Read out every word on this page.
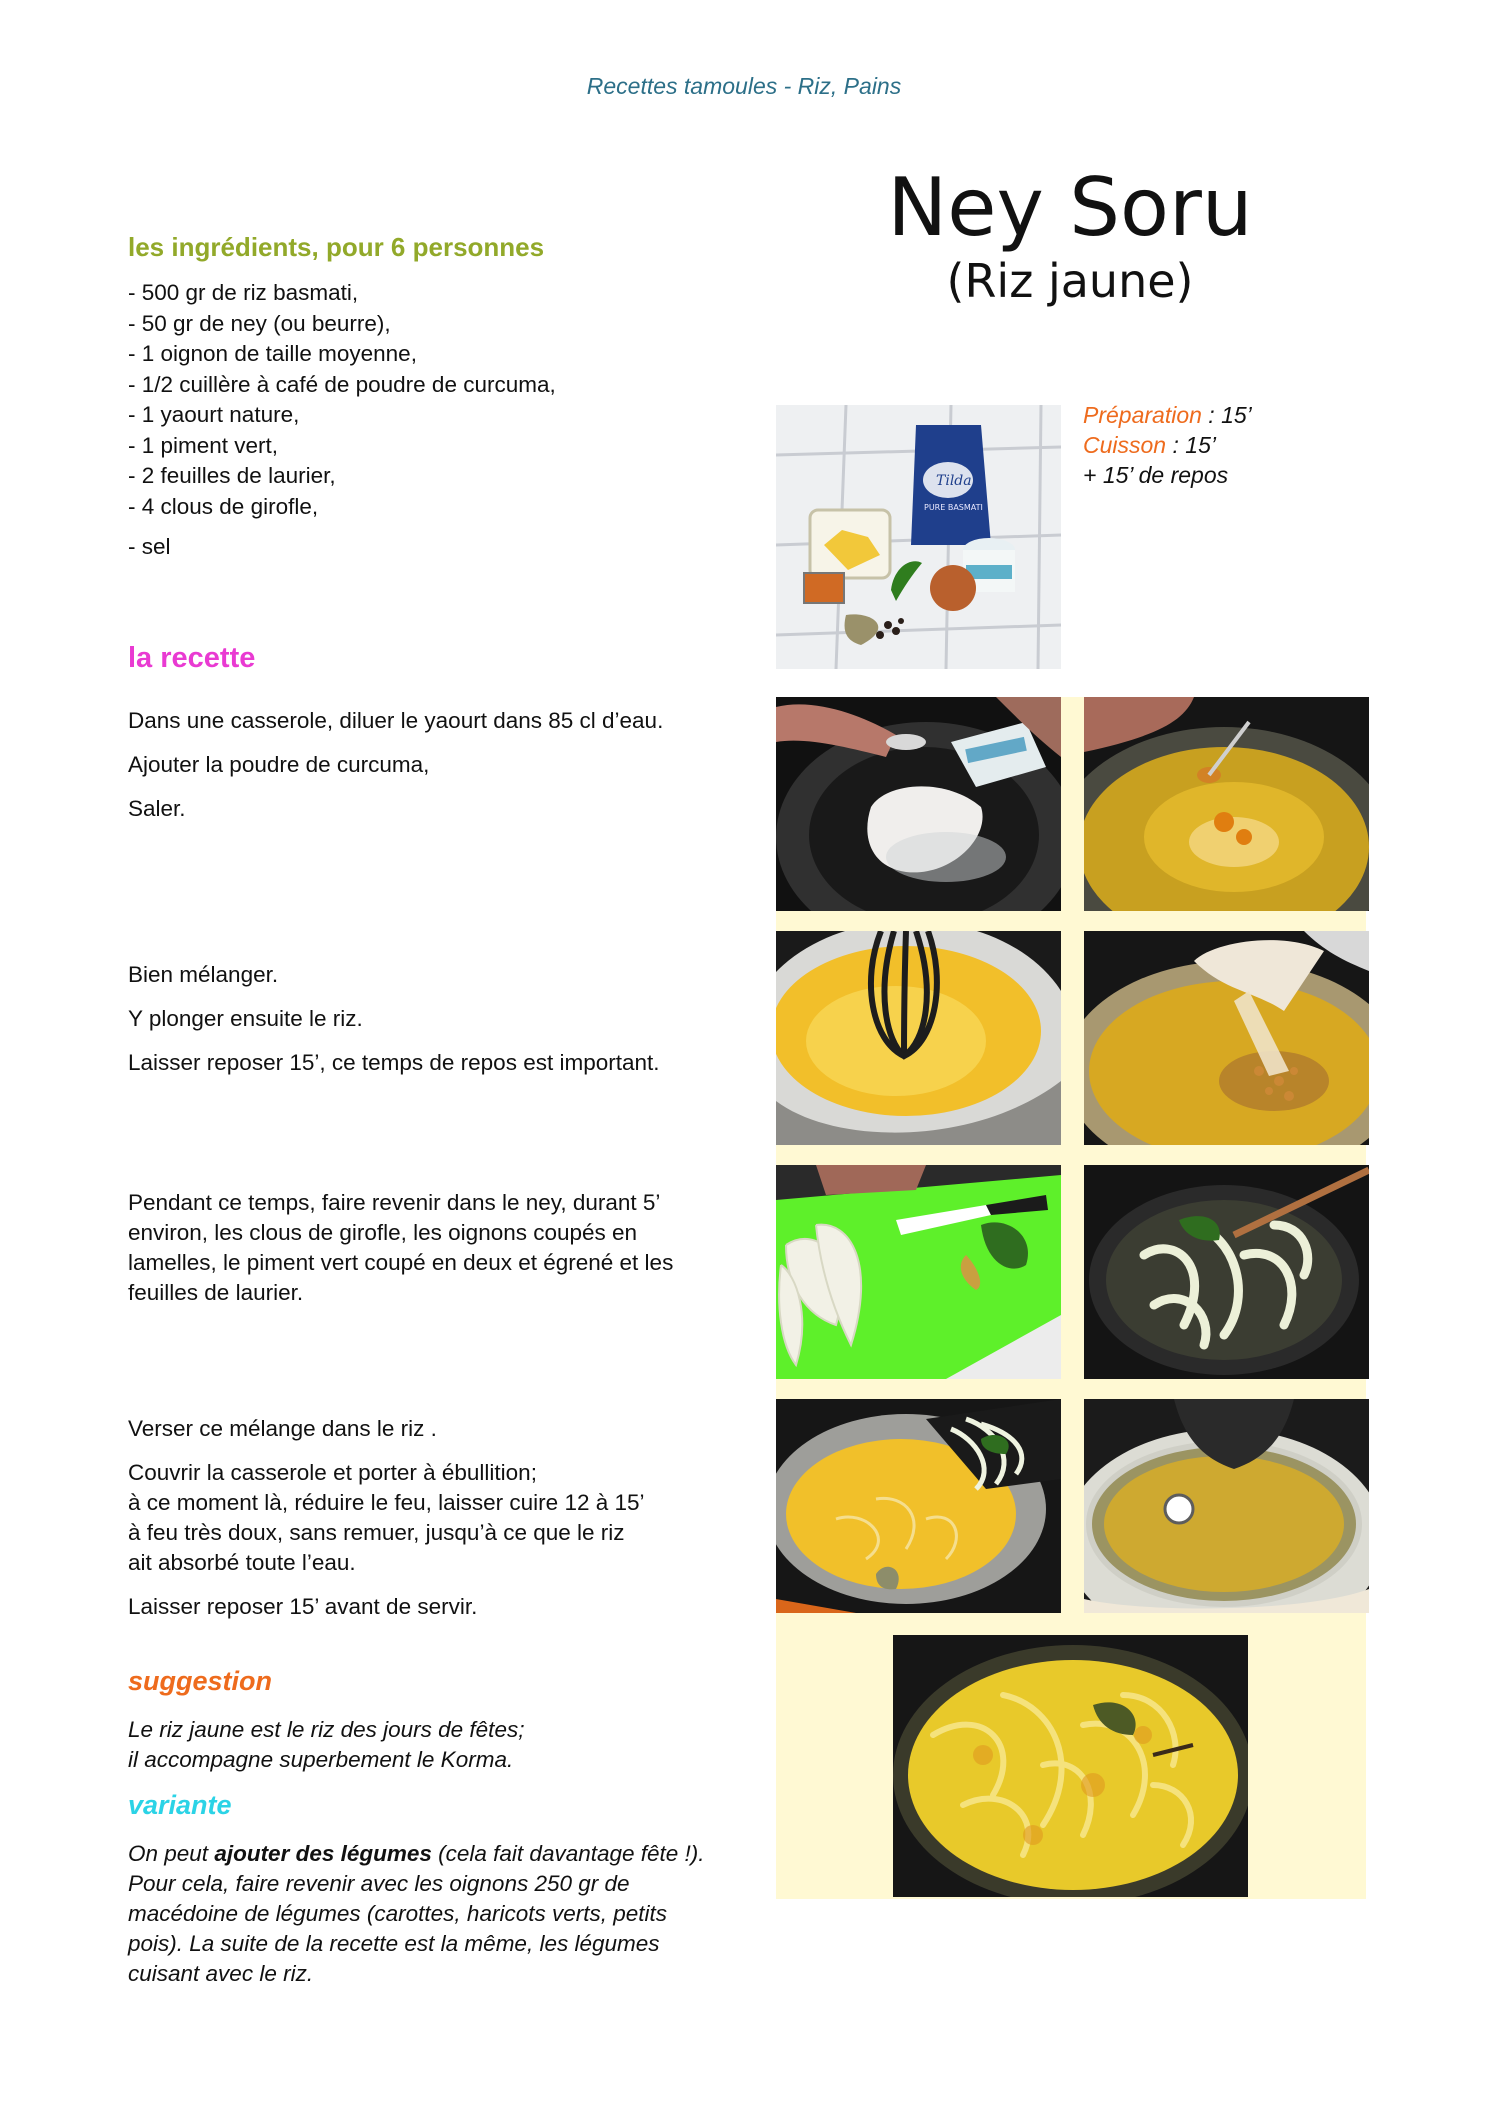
Recettes tamoules - Riz, Pains
Ney Soru
(Riz jaune)
les ingrédients, pour 6 personnes
- 500 gr de riz basmati,
- 50 gr de ney (ou beurre),
- 1 oignon de taille moyenne,
- 1/2 cuillère à café de poudre de curcuma,
- 1 yaourt nature,
- 1 piment vert,
- 2 feuilles de laurier,
- 4 clous de girofle,
- sel
Préparation : 15’
Cuisson : 15’
+ 15’ de repos
la recette

Dans une casserole, diluer le yaourt dans 85 cl d’eau.

Ajouter la poudre de curcuma,

Saler.

Bien mélanger.

Y plonger ensuite le riz.

Laisser reposer 15’, ce temps de repos est important.

Pendant ce temps, faire revenir dans le ney, durant 5’ environ, les clous de girofle, les oignons coupés en lamelles, le piment vert coupé en deux et égrené et les feuilles de laurier.

Verser ce mélange dans le riz .

Couvrir la casserole et porter à ébullition;
à ce moment là, réduire le feu, laisser cuire 12 à 15’
à feu très doux, sans remuer, jusqu’à ce que le riz
ait absorbé toute l’eau.

Laisser reposer 15’ avant de servir.

suggestion
Le riz jaune est le riz des jours de fêtes;
il accompagne superbement le Korma.
variante
On peut ajouter des légumes (cela fait davantage fête !). Pour cela, faire revenir avec les oignons 250 gr de macédoine de légumes (carottes, haricots verts, petits pois). La suite de la recette est la même, les légumes cuisant avec le riz.
Tilda
PURE BASMATI
